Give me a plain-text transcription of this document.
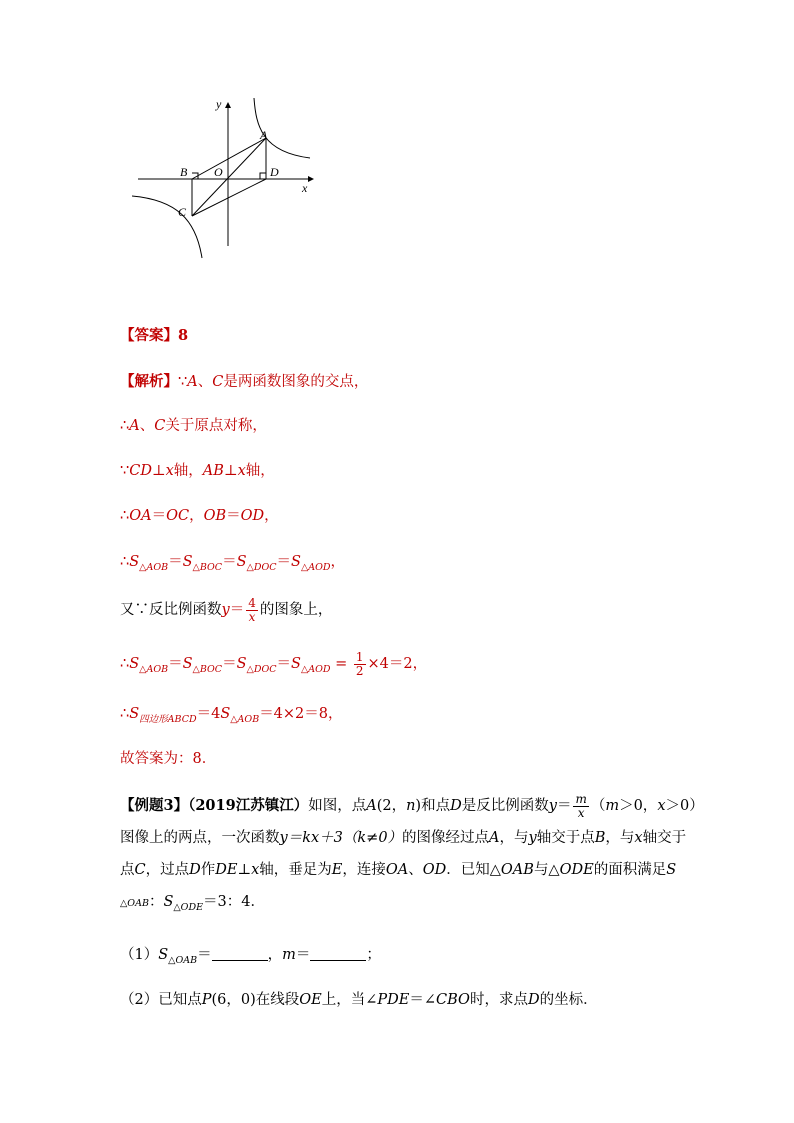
y
x
A
B O	D
C
【答案】8
【解析】∵A、C是两函数图象的交点，
∴A、C关于原点对称，
∵CD⊥x轴，AB⊥x轴，
∴OA＝OC，OB＝OD，
$\therefore S_{\triangle AOB}=S_{\triangle BOC}=S_{\triangle DOC}=S_{\triangle AOD}$，
又∵反比例函数$y= \frac{4}{x}$ 的图象上，
$\therefore S_{\triangle AOB}=S_{\triangle BOC}=S_{\triangle DOC}=S_{\triangle AOD} = \frac{1}{2} \times 4=2$，
$\therefore S_{四边形ABCD}=4S_{\triangle AOB}=4\times 2=8$，
故答案为：8．
【例题3】（2019江苏镇江）如图，点A(2，n)和点D是反比例函数$y= \frac{m}{x} (m>0$，x＞0）
图像上的两点，一次函数y＝kx＋3（k≠0）的图像经过点A，与y轴交于点B，与x轴交于
点C，过点D作DE⊥x轴，垂足为E，连接OA、OD．已知△OAB与△ODE的面积满足S
△OAB：$S_{\triangle ODE}=3$：4．
$(1)S_{\triangle OAB}=$	，m＝	；
（2）已知点P(6，0)在线段OE上，当∠PDE＝∠CBO时，求点D的坐标．
